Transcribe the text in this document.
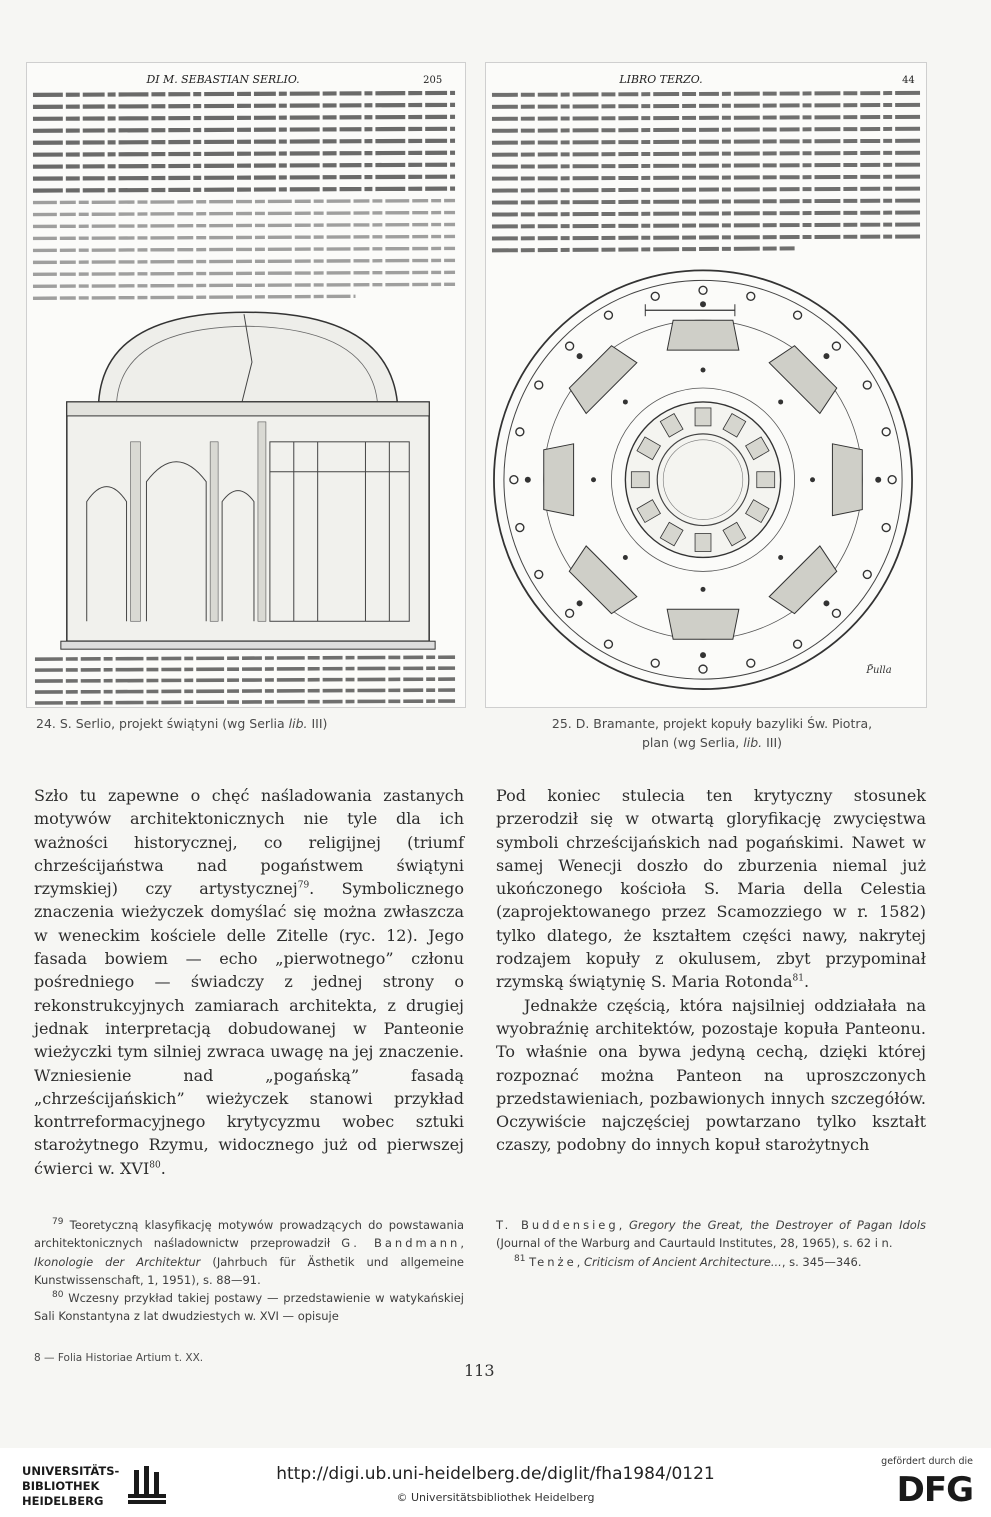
DI M. SEBASTIAN SERLIO.	205	LIBRO TERZO.	44
P̃ulla
24. S. Serlio, projekt świątyni (wg Serlia lib. III)	25. D. Bramante, projekt kopuły bazyliki Św. Piotra,
plan (wg Serlia, lib. III)

Szło tu zapewne o chęć naśladowania zastanych motywów architektonicznych nie tyle dla ich ważności historycznej, co religijnej (triumf chrześcijaństwa nad pogaństwem świątyni rzymskiej) czy artystycznej$^{79}$. Symbolicznego znaczenia wieżyczek domyślać się można zwłaszcza w weneckim kościele delle Zitelle (ryc. 12). Jego fasada bowiem — echo „pierwotnego” członu pośredniego — świadczy z jednej strony o rekonstrukcyjnych zamiarach architekta, z drugiej jednak interpretacją dobudowanej w Panteonie wieżyczki tym silniej zwraca uwagę na jej znaczenie. Wzniesienie nad „pogańską” fasadą „chrześcijańskich” wieżyczek stanowi przykład kontrreformacyjnego krytycyzmu wobec sztuki starożytnego Rzymu, widocznego już od pierwszej ćwierci w. XVI$^{80}$.

Pod koniec stulecia ten krytyczny stosunek przerodził się w otwartą gloryfikację zwycięstwa symboli chrześcijańskich nad pogańskimi. Nawet w samej Wenecji doszło do zburzenia niemal już ukończonego kościoła S. Maria della Celestia (zaprojektowanego przez Scamozziego w r. 1582) tylko dlatego, że kształtem części nawy, nakrytej rodzajem kopuły z okulusem, zbyt przypominał rzymską świątynię S. Maria Rotonda$^{81}$.

Jednakże częścią, która najsilniej oddziałała na wyobraźnię architektów, pozostaje kopuła Panteonu. To właśnie ona bywa jedyną cechą, dzięki której rozpoznać można Panteon na uproszczonych przedstawieniach, pozbawionych innych szczegółów. Oczywiście najczęściej powtarzano tylko kształt czaszy, podobny do innych kopuł starożytnych

$^{79}$ Teoretyczną klasyfikację motywów prowadzących do powstawania architektonicznych naśladownictw przeprowadził G. Bandmann, Ikonologie der Architektur (Jahrbuch für Ästhetik und allgemeine Kunstwissenschaft, 1, 1951), s. 88—91.

$^{80}$ Wczesny przykład takiej postawy — przedstawienie w watykańskiej Sali Konstantyna z lat dwudziestych w. XVI — opisuje

T. Buddensieg, Gregory the Great, the Destroyer of Pagan Idols (Journal of the Warburg and Caurtauld Institutes, 28, 1965), s. 62 i n.

$^{81}$ Tenże, Criticism of Ancient Architecture..., s. 345—346.

8 — Folia Historiae Artium t. XX.
113
UNIVERSITÄTS-
BIBLIOTHEK
HEIDELBERG
http://digi.ub.uni-heidelberg.de/diglit/fha1984/0121
© Universitätsbibliothek Heidelberg
gefördert durch die
DFG
